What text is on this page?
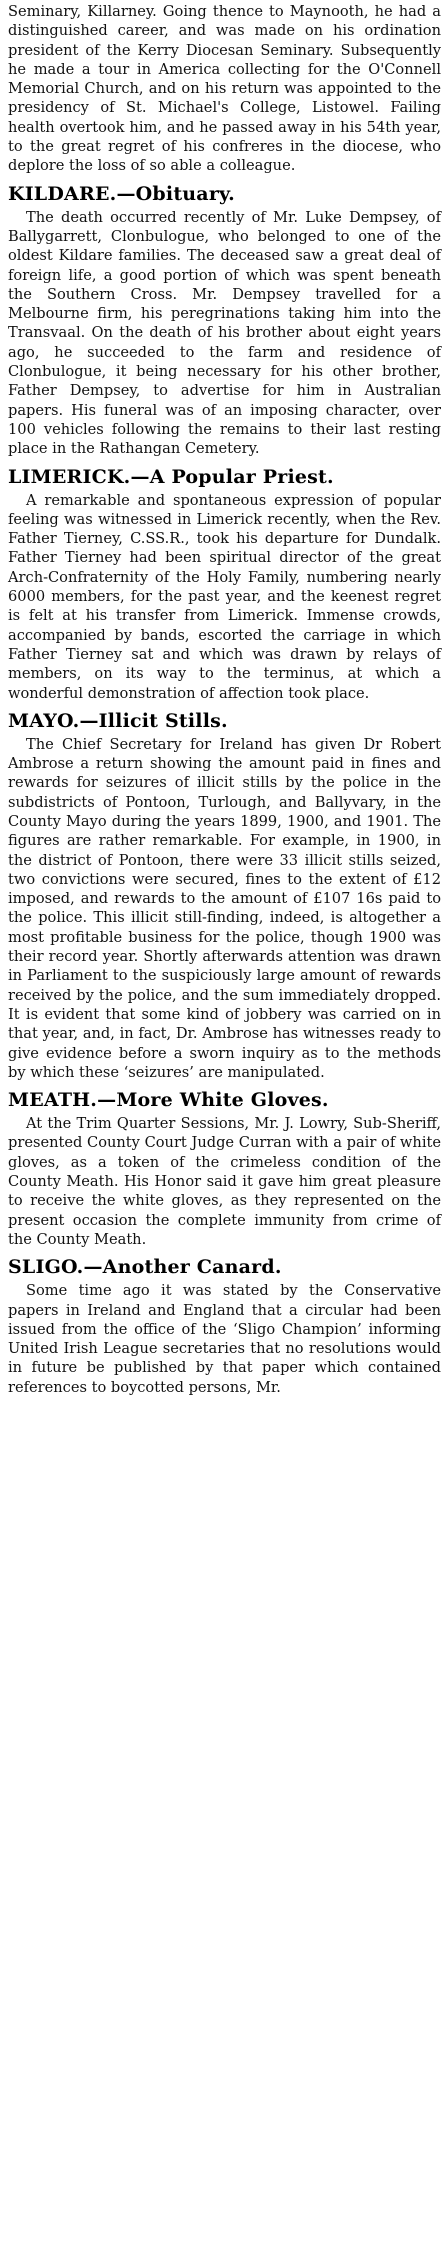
Seminary, Killarney. Going thence to Maynooth, he had a distinguished career, and was made on his ordination president of the Kerry Diocesan Seminary. Subsequently he made a tour in America collecting for the O'Connell Memorial Church, and on his return was appointed to the presidency of St. Michael's College, Listowel. Failing health overtook him, and he passed away in his 54th year, to the great regret of his confreres in the diocese, who deplore the loss of so able a colleague.

KILDARE.—Obituary.

The death occurred recently of Mr. Luke Dempsey, of Ballygarrett, Clonbulogue, who belonged to one of the oldest Kildare families. The deceased saw a great deal of foreign life, a good portion of which was spent beneath the Southern Cross. Mr. Dempsey travelled for a Melbourne firm, his peregrinations taking him into the Transvaal. On the death of his brother about eight years ago, he succeeded to the farm and residence of Clonbulogue, it being necessary for his other brother, Father Dempsey, to advertise for him in Australian papers. His funeral was of an imposing character, over 100 vehicles following the remains to their last resting place in the Rathangan Cemetery.

LIMERICK.—A Popular Priest.

A remarkable and spontaneous expression of popular feeling was witnessed in Limerick recently, when the Rev. Father Tierney, C.SS.R., took his departure for Dundalk. Father Tierney had been spiritual director of the great Arch-Confraternity of the Holy Family, numbering nearly 6000 members, for the past year, and the keenest regret is felt at his transfer from Limerick. Immense crowds, accompanied by bands, escorted the carriage in which Father Tierney sat and which was drawn by relays of members, on its way to the terminus, at which a wonderful demonstration of affection took place.

MAYO.—Illicit Stills.

The Chief Secretary for Ireland has given Dr Robert Ambrose a return showing the amount paid in fines and rewards for seizures of illicit stills by the police in the subdistricts of Pontoon, Turlough, and Ballyvary, in the County Mayo during the years 1899, 1900, and 1901. The figures are rather remarkable. For example, in 1900, in the district of Pontoon, there were 33 illicit stills seized, two convictions were secured, fines to the extent of £12 imposed, and rewards to the amount of £107 16s paid to the police. This illicit still-finding, indeed, is altogether a most profitable business for the police, though 1900 was their record year. Shortly afterwards attention was drawn in Parliament to the suspiciously large amount of rewards received by the police, and the sum immediately dropped. It is evident that some kind of jobbery was carried on in that year, and, in fact, Dr. Ambrose has witnesses ready to give evidence before a sworn inquiry as to the methods by which these ‘seizures’ are manipulated.

MEATH.—More White Gloves.

At the Trim Quarter Sessions, Mr. J. Lowry, Sub-Sheriff, presented County Court Judge Curran with a pair of white gloves, as a token of the crimeless condition of the County Meath. His Honor said it gave him great pleasure to receive the white gloves, as they represented on the present occasion the complete immunity from crime of the County Meath.

SLIGO.—Another Canard.

Some time ago it was stated by the Conservative papers in Ireland and England that a circular had been issued from the office of the ‘Sligo Champion’ informing United Irish League secretaries that no resolutions would in future be published by that paper which contained references to boycotted persons, Mr.
